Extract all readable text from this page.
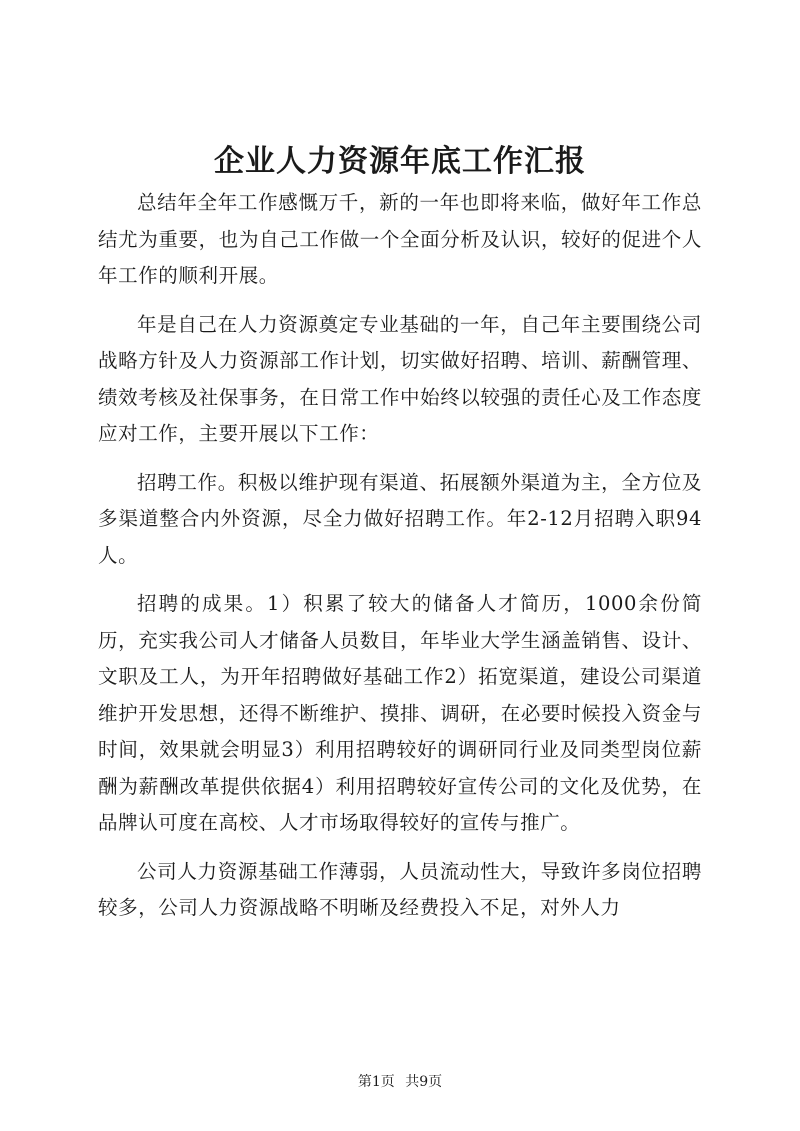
企业人力资源年底工作汇报

总结年全年工作感慨万千，新的一年也即将来临，做好年工作总结尤为重要，也为自己工作做一个全面分析及认识，较好的促进个人年工作的顺利开展。

年是自己在人力资源奠定专业基础的一年，自己年主要围绕公司战略方针及人力资源部工作计划，切实做好招聘、培训、薪酬管理、绩效考核及社保事务，在日常工作中始终以较强的责任心及工作态度应对工作，主要开展以下工作：

招聘工作。积极以维护现有渠道、拓展额外渠道为主，全方位及多渠道整合内外资源，尽全力做好招聘工作。年2-12月招聘入职94人。

招聘的成果。1）积累了较大的储备人才简历，1000余份简历，充实我公司人才储备人员数目，年毕业大学生涵盖销售、设计、文职及工人，为开年招聘做好基础工作2）拓宽渠道，建设公司渠道维护开发思想，还得不断维护、摸排、调研，在必要时候投入资金与时间，效果就会明显3）利用招聘较好的调研同行业及同类型岗位薪酬为薪酬改革提供依据4）利用招聘较好宣传公司的文化及优势，在品牌认可度在高校、人才市场取得较好的宣传与推广。

公司人力资源基础工作薄弱，人员流动性大，导致许多岗位招聘较多，公司人力资源战略不明晰及经费投入不足，对外人力

第1页 共9页
